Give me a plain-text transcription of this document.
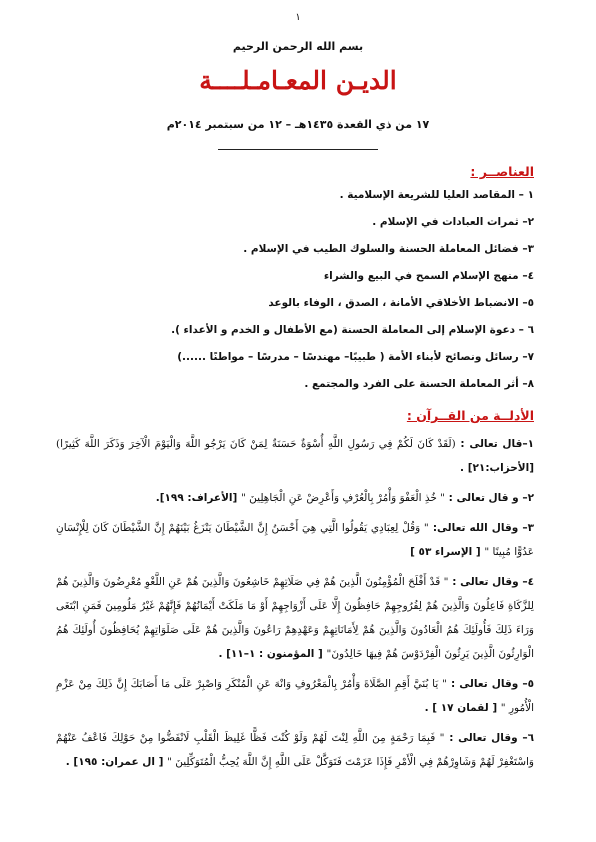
١
بسم الله الرحمن الرحيم
الديـن المعـامـلــــة
١٧ من ذي القعدة ١٤٣٥هـ – ١٢ من سبتمبر ٢٠١٤م
العناصــر :
١ – المقاصد العليا للشريعة الإسلامية .
٢– ثمرات العبادات في الإسلام .
٣– فضائل المعاملة الحسنة والسلوك الطيب في الإسلام .
٤– منهج الإسلام السمح في البيع والشراء
٥– الانضباط الأخلاقي الأمانة ، الصدق ، الوفاء بالوعد
٦ – دعوة الإسلام إلى المعاملة الحسنة (مع الأطفال و الخدم و الأعداء ).
٧– رسائل ونصائح لأبناء الأمة ( طبيبًا– مهندسًا – مدرسًا – مواطنًا ......)
٨– أثر المعاملة الحسنة على الفرد والمجتمع .
الأدلــة من القــرآن :
١–قال تعالى : (لَقَدْ كَانَ لَكُمْ فِي رَسُولِ اللَّهِ أُسْوَةٌ حَسَنَةٌ لِمَنْ كَانَ يَرْجُو اللَّهَ وَالْيَوْمَ الْآخِرَ وَذَكَرَ اللَّهَ كَثِيرًا) [الأحزاب:٢١] .
٢– و قال تعالى : " خُذِ الْعَفْوَ وَأْمُرْ بِالْعُرْفِ وَأَعْرِضْ عَنِ الْجَاهِلِينَ " [الأعراف: ١٩٩].
٣– وقال الله تعالى: " وَقُلْ لِعِبَادِي يَقُولُوا الَّتِي هِيَ أَحْسَنُ إِنَّ الشَّيْطَانَ يَنْزَغُ بَيْنَهُمْ إِنَّ الشَّيْطَانَ كَانَ لِلْإِنْسَانِ عَدُوًّا مُبِينًا " [ الإسراء ٥٣ ]
٤– وقال تعالى : " قَدْ أَفْلَحَ الْمُؤْمِنُونَ الَّذِينَ هُمْ فِي صَلَاتِهِمْ خَاشِعُونَ وَالَّذِينَ هُمْ عَنِ اللَّغْوِ مُعْرِضُونَ وَالَّذِينَ هُمْ لِلزَّكَاةِ فَاعِلُونَ وَالَّذِينَ هُمْ لِفُرُوجِهِمْ حَافِظُونَ إِلَّا عَلَى أَزْوَاجِهِمْ أَوْ مَا مَلَكَتْ أَيْمَانُهُمْ فَإِنَّهُمْ غَيْرُ مَلُومِينَ فَمَنِ ابْتَغَى وَرَاءَ ذَلِكَ فَأُولَئِكَ هُمُ الْعَادُونَ وَالَّذِينَ هُمْ لِأَمَانَاتِهِمْ وَعَهْدِهِمْ رَاعُونَ وَالَّذِينَ هُمْ عَلَى صَلَوَاتِهِمْ يُحَافِظُونَ أُولَئِكَ هُمُ الْوَارِثُونَ الَّذِينَ يَرِثُونَ الْفِرْدَوْسَ هُمْ فِيهَا خَالِدُونَ" [ المؤمنون : ١–١١] .
٥– وقال تعالى : " يَا بُنَيَّ أَقِمِ الصَّلَاةَ وَأْمُرْ بِالْمَعْرُوفِ وَانْهَ عَنِ الْمُنْكَرِ وَاصْبِرْ عَلَى مَا أَصَابَكَ إِنَّ ذَلِكَ مِنْ عَزْمِ الْأُمُورِ " [ لقمان ١٧ ] .
٦– وقال تعالى : " فَبِمَا رَحْمَةٍ مِنَ اللَّهِ لِنْتَ لَهُمْ وَلَوْ كُنْتَ فَظًّا غَلِيظَ الْقَلْبِ لَانْفَضُّوا مِنْ حَوْلِكَ فَاعْفُ عَنْهُمْ وَاسْتَغْفِرْ لَهُمْ وَشَاوِرْهُمْ فِي الْأَمْرِ فَإِذَا عَزَمْتَ فَتَوَكَّلْ عَلَى اللَّهِ إِنَّ اللَّهَ يُحِبُّ الْمُتَوَكِّلِينَ " [ ال عمران: ١٩٥] .
